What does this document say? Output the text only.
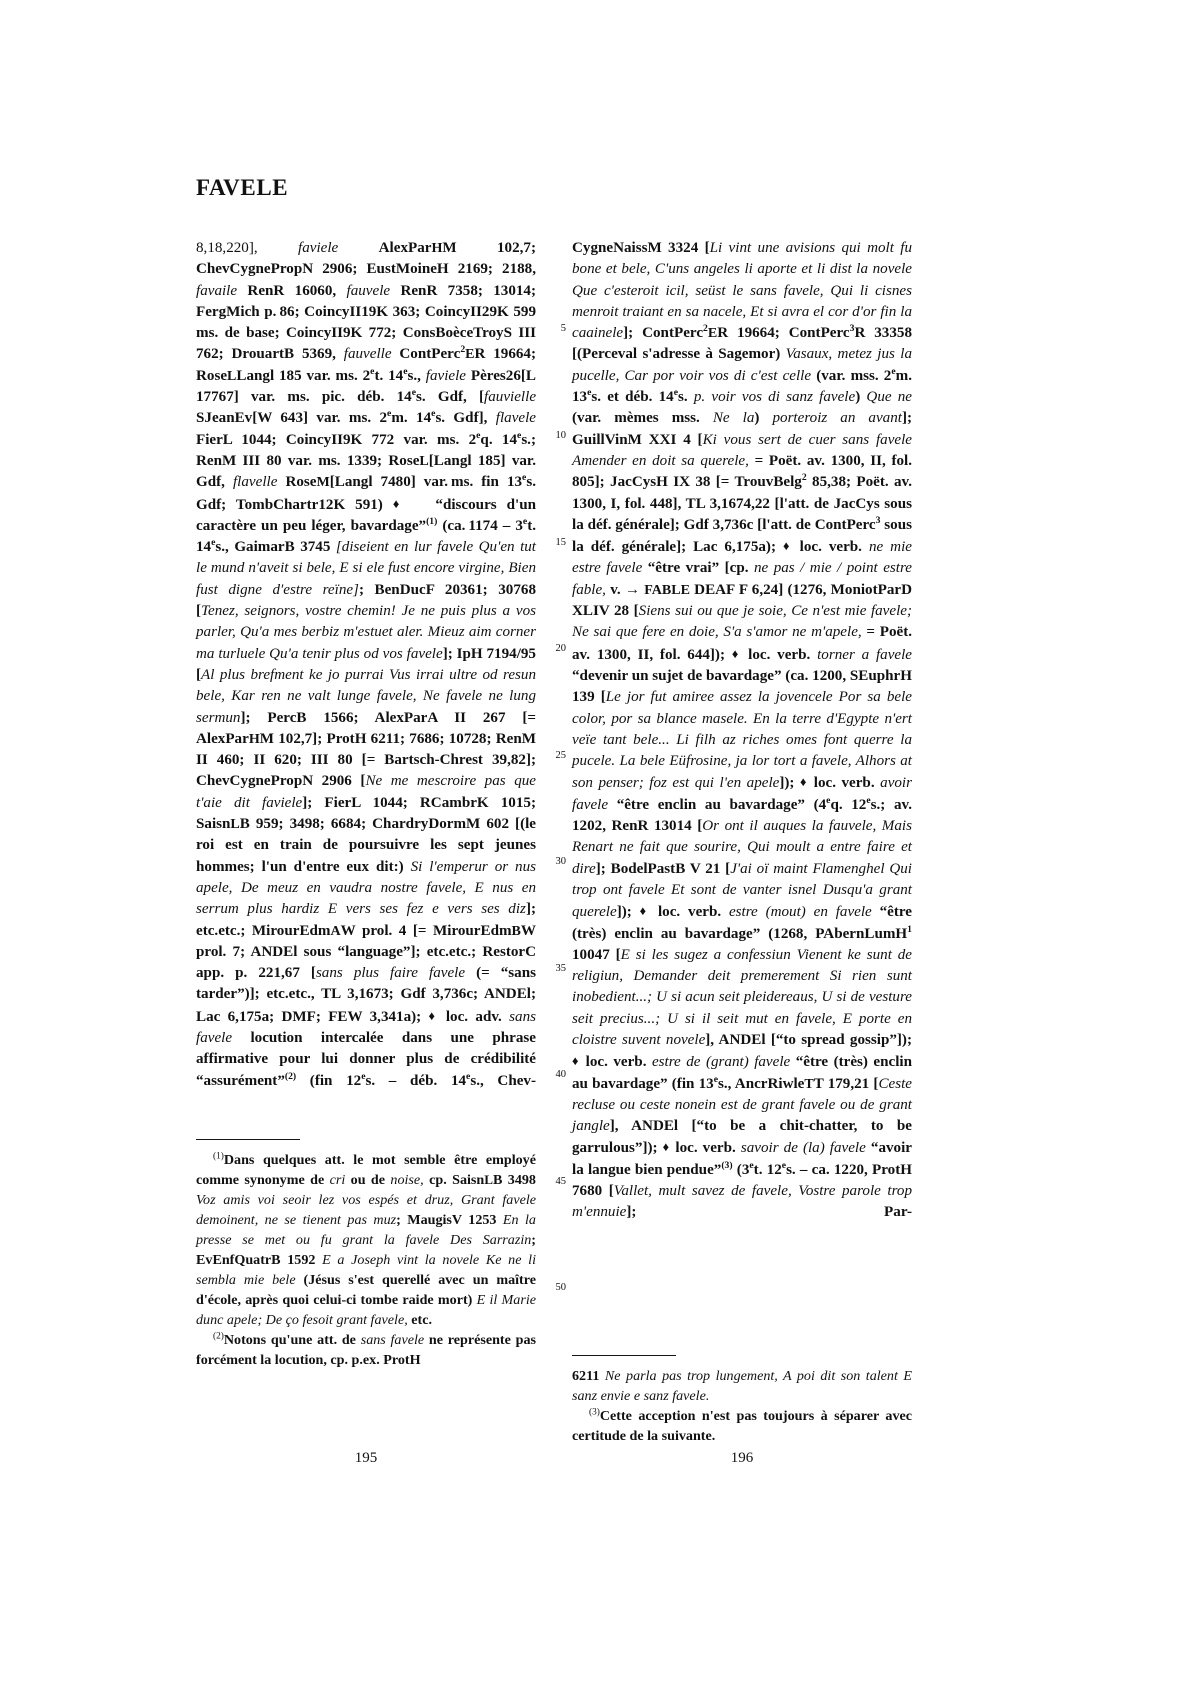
FAVELE

8,18,220],	faviele	AlexParHM 102,7; ChevCygnePropN 2906; EustMoineH 2169; 2188, favaile RenR 16060, fauvele RenR 7358; 13014; FergMich p. 86; CoincyII19K 363; CoincyII29K 599 ms. de base; CoincyII9K 772; ConsBoèceTroyS III 762; DrouartB 5369, fauvelle ContPerc$^2$ER 19664; RoseLLangl 185 var. ms. 2et. 14es., faviele Pères26[L 17767] var. ms. pic. déb. 14es. Gdf, [fauvielle SJeanEv[W 643] var. ms. 2em. 14es. Gdf], flavele FierL 1044; CoincyII9K 772 var. ms. 2eq. 14es.; RenM III 80 var. ms. 1339; RoseL[Langl 185] var. Gdf, flavelle RoseM[Langl 7480] var. ms. fin 13es. Gdf; TombChartr12K 591) ♦ “discours d'un caractère un peu léger, bavardage”$^{(1)}$ (ca. 1174 – 3et. 14es., GaimarB 3745 [diseient en lur favele Qu'en tut le mund n'aveit si bele, E si ele fust encore virgine, Bien fust digne d'estre reïne]; BenDucF 20361; 30768 [Tenez, seignors, vostre chemin! Je ne puis plus a vos parler, Qu'a mes berbiz m'estuet aler. Mieuz aim corner ma turluele Qu'a tenir plus od vos favele]; IpH 7194/95 [Al plus brefment ke jo purrai Vus irrai ultre od resun bele, Kar ren ne valt lunge favele, Ne favele ne lung sermun]; PercB 1566; AlexParA II 267 [= AlexParHM 102,7]; ProtH 6211; 7686; 10728; RenM II 460; II 620; III 80 [= Bartsch-Chrest 39,82]; ChevCygnePropN 2906 [Ne me mescroire pas que t'aie dit faviele]; FierL 1044; RCambrK 1015; SaisnLB 959; 3498; 6684; ChardryDormM 602 [(le roi est en train de poursuivre les sept jeunes hommes; l'un d'entre eux dit:) Si l'emperur or nus apele, De meuz en vaudra nostre favele, E nus en serrum plus hardiz E vers ses fez e vers ses diz]; etc.etc.; MirourEdmAW prol. 4 [= MirourEdmBW prol. 7; ANDEl sous “language”]; etc.etc.; RestorC app. p. 221,67 [sans plus faire favele (= “sans tarder”)]; etc.etc., TL 3,1673; Gdf 3,736c; ANDEl; Lac 6,175a; DMF; FEW 3,341a); ♦ loc. adv. sans favele locution intercalée dans une phrase affirmative pour lui donner plus de crédibilité “assurément”$^{(2)}$ (fin 12es. – déb. 14es., Chev-

$^{(1)}$Dans quelques att. le mot semble être employé comme synonyme de cri ou de noise, cp. SaisnLB 3498 Voz amis voi seoir lez vos espés et druz, Grant favele demoinent, ne se tienent pas muz; MaugisV 1253 En la presse se met ou fu grant la favele Des Sarrazin; EvEnfQuatrB 1592 E a Joseph vint la novele Ke ne li sembla mie bele (Jésus s'est querellé avec un maître d'école, après quoi celui-ci tombe raide mort) E il Marie dunc apele; De ço fesoit grant favele, etc.

$^{(2)}$Notons qu'une att. de sans favele ne représente pas forcément la locution, cp. p.ex. ProtH

5
10
15
20
25
30
35
40
45
50

CygneNaissM 3324 [Li vint une avisions qui molt fu bone et bele, C'uns angeles li aporte et li dist la novele Que c'esteroit icil, seüst le sans favele, Qui li cisnes menroit traiant en sa nacele, Et si avra el cor d'or fin la caainele]; ContPerc$^2$ER 19664; ContPerc$^3$R 33358 [(Perceval s'adresse à Sagemor) Vasaux, metez jus la pucelle, Car por voir vos di c'est celle (var. mss. 2em. 13es. et déb. 14es. p. voir vos di sanz favele) Que ne (var. mèmes mss. Ne la) porteroiz an avant]; GuillVinM XXI 4 [Ki vous sert de cuer sans favele Amender en doit sa querele, = Poët. av. 1300, II, fol. 805]; JacCysH IX 38 [= TrouvBelg$^2$ 85,38; Poët. av. 1300, I, fol. 448], TL 3,1674,22 [l'att. de JacCys sous la déf. générale]; Gdf 3,736c [l'att. de ContPerc$^3$ sous la déf. générale]; Lac 6,175a); ♦ loc. verb. ne mie estre favele “être vrai” [cp. ne pas / mie / point estre fable, v. → FABLE DEAF F 6,24] (1276, MoniotParD XLIV 28 [Siens sui ou que je soie, Ce n'est mie favele; Ne sai que fere en doie, S'a s'amor ne m'apele, = Poët. av. 1300, II, fol. 644]); ♦ loc. verb. torner a favele “devenir un sujet de bavardage” (ca. 1200, SEuphrH 139 [Le jor fut amiree assez la jovencele Por sa bele color, por sa blance masele. En la terre d'Egypte n'ert veïe tant bele... Li filh az riches omes font querre la pucele. La bele Eüfrosine, ja lor tort a favele, Alhors at son penser; foz est qui l'en apele]); ♦ loc. verb. avoir favele “être enclin au bavardage” (4eq. 12es.; av. 1202, RenR 13014 [Or ont il auques la fauvele, Mais Renart ne fait que sourire, Qui moult a entre faire et dire]; BodelPastB V 21 [J'ai oï maint Flamenghel Qui trop ont favele Et sont de vanter isnel Dusqu'a grant querele]); ♦ loc. verb. estre (mout) en favele “être (très) enclin au bavardage” (1268, PAbernLumH$^1$ 10047 [E si les sugez a confessiun Vienent ke sunt de religiun, Demander deit premerement Si rien sunt inobedient...; U si acun seit pleidereaus, U si de vesture seit precius...; U si il seit mut en favele, E porte en cloistre suvent novele], ANDEl [“to spread gossip”]); ♦ loc. verb. estre de (grant) favele “être (très) enclin au bavardage” (fin 13es., AncrRiwleTT 179,21 [Ceste recluse ou ceste nonein est de grant favele ou de grant jangle], ANDEl [“to be a chit-chatter, to be garrulous”]); ♦ loc. verb. savoir de (la) favele “avoir la langue bien pendue”$^{(3)}$ (3et. 12es. – ca. 1220, ProtH 7680 [Vallet, mult savez de favele, Vostre parole trop m'ennuie]; Par-

6211 Ne parla pas trop lungement, A poi dit son talent E sanz envie e sanz favele.

$^{(3)}$Cette acception n'est pas toujours à séparer avec certitude de la suivante.

195	196
